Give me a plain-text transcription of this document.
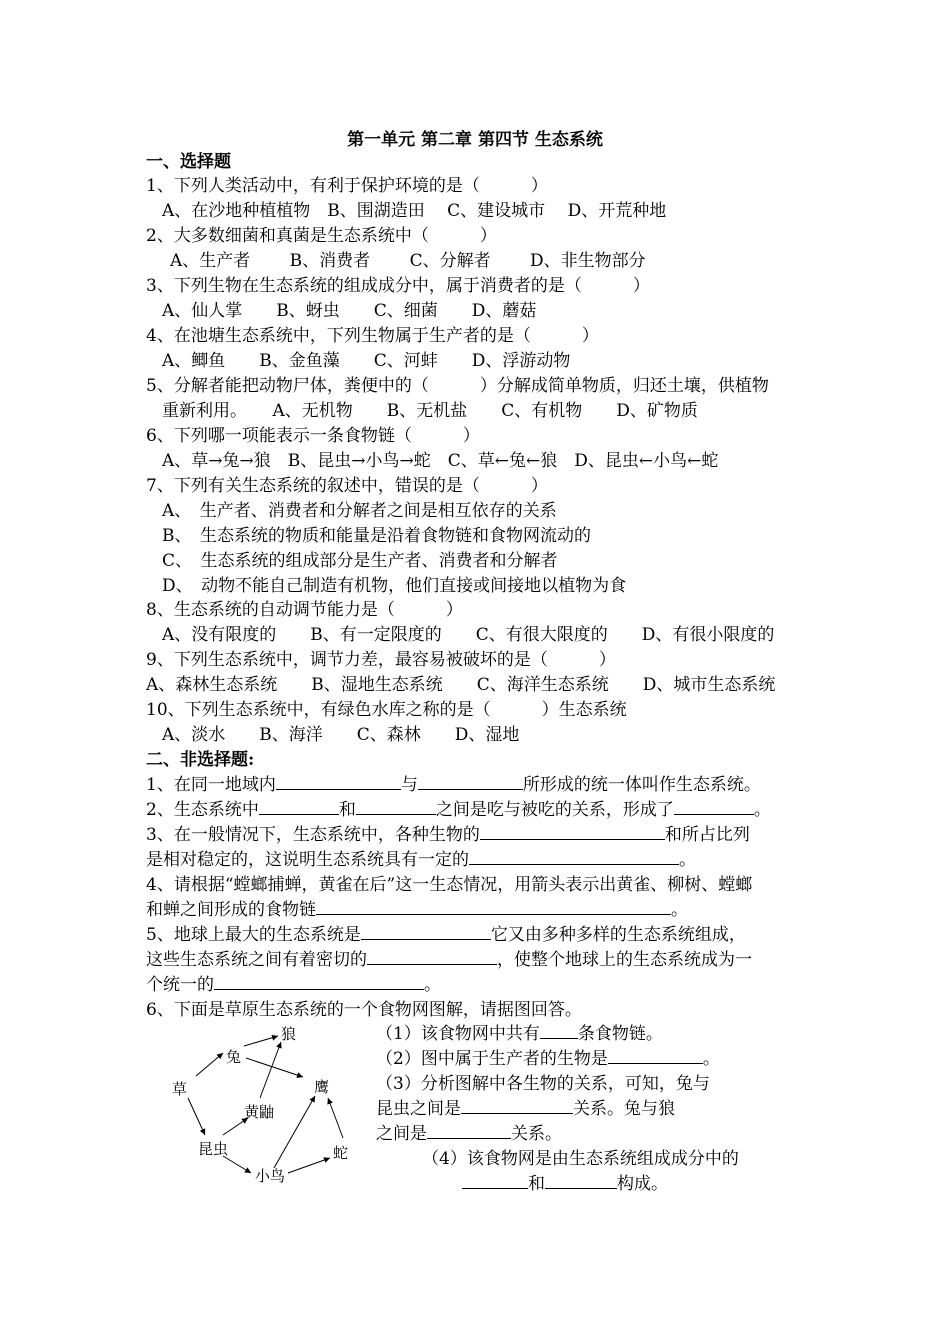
第一单元 第二章 第四节 生态系统
一、选择题
1、下列人类活动中，有利于保护环境的是（　　　）
A、在沙地种植植物　B、围湖造田　 C、建设城市　 D、开荒种地
2、大多数细菌和真菌是生态系统中（　　　）
A、生产者　　 B、消费者　　 C、分解者　　 D、非生物部分
3、下列生物在生态系统的组成成分中，属于消费者的是（　　　）
A、仙人掌　　B、蚜虫　　C、细菌　　D、蘑菇
4、在池塘生态系统中，下列生物属于生产者的是（　　　）
A、鲫鱼　　B、金鱼藻　　C、河蚌　　D、浮游动物
5、分解者能把动物尸体，粪便中的（　　　）分解成简单物质，归还土壤，供植物
重新利用。　　A、无机物　　B、无机盐　　C、有机物　　D、矿物质
6、下列哪一项能表示一条食物链（　　　）
A、草→兔→狼　B、昆虫→小鸟→蛇　C、草←兔←狼　D、昆虫←小鸟←蛇
7、下列有关生态系统的叙述中，错误的是（　　　）
A、　生产者、消费者和分解者之间是相互依存的关系
B、　生态系统的物质和能量是沿着食物链和食物网流动的
C、　生态系统的组成部分是生产者、消费者和分解者
D、　动物不能自己制造有机物，他们直接或间接地以植物为食
8、生态系统的自动调节能力是（　　　）
A、没有限度的　　B、有一定限度的　　C、有很大限度的　　D、有很小限度的
9、下列生态系统中，调节力差，最容易被破坏的是（　　　）
A、森林生态系统　　B、湿地生态系统　　C、海洋生态系统　　D、城市生态系统
10、下列生态系统中，有绿色水库之称的是（　　　）生态系统
A、淡水　　B、海洋　　C、森林　　D、湿地
二、非选择题:
1、在同一地域内	与	所形成的统一体叫作生态系统。
2、生态系统中	和	之间是吃与被吃的关系，形成了	。
3、在一般情况下，生态系统中，各种生物的	和所占比列
是相对稳定的，这说明生态系统具有一定的	。
4、请根据“螳螂捕蝉，黄雀在后”这一生态情况，用箭头表示出黄雀、柳树、螳螂
和蝉之间形成的食物链	。
5、地球上最大的生态系统是	它又由多种多样的生态系统组成，
这些生态系统之间有着密切的	，使整个地球上的生态系统成为一
个统一的	。
6、下面是草原生态系统的一个食物网图解，请据图回答。
草
兔
狼
鹰
黄鼬
昆虫
小鸟
蛇
（1）该食物网中共有 条食物链。
（2）图中属于生产者的生物是	。
（3）分析图解中各生物的关系，可知，兔与
昆虫之间是	关系。兔与狼
之间是	关系。
（4）该食物网是由生态系统组成成分中的
和	构成。
